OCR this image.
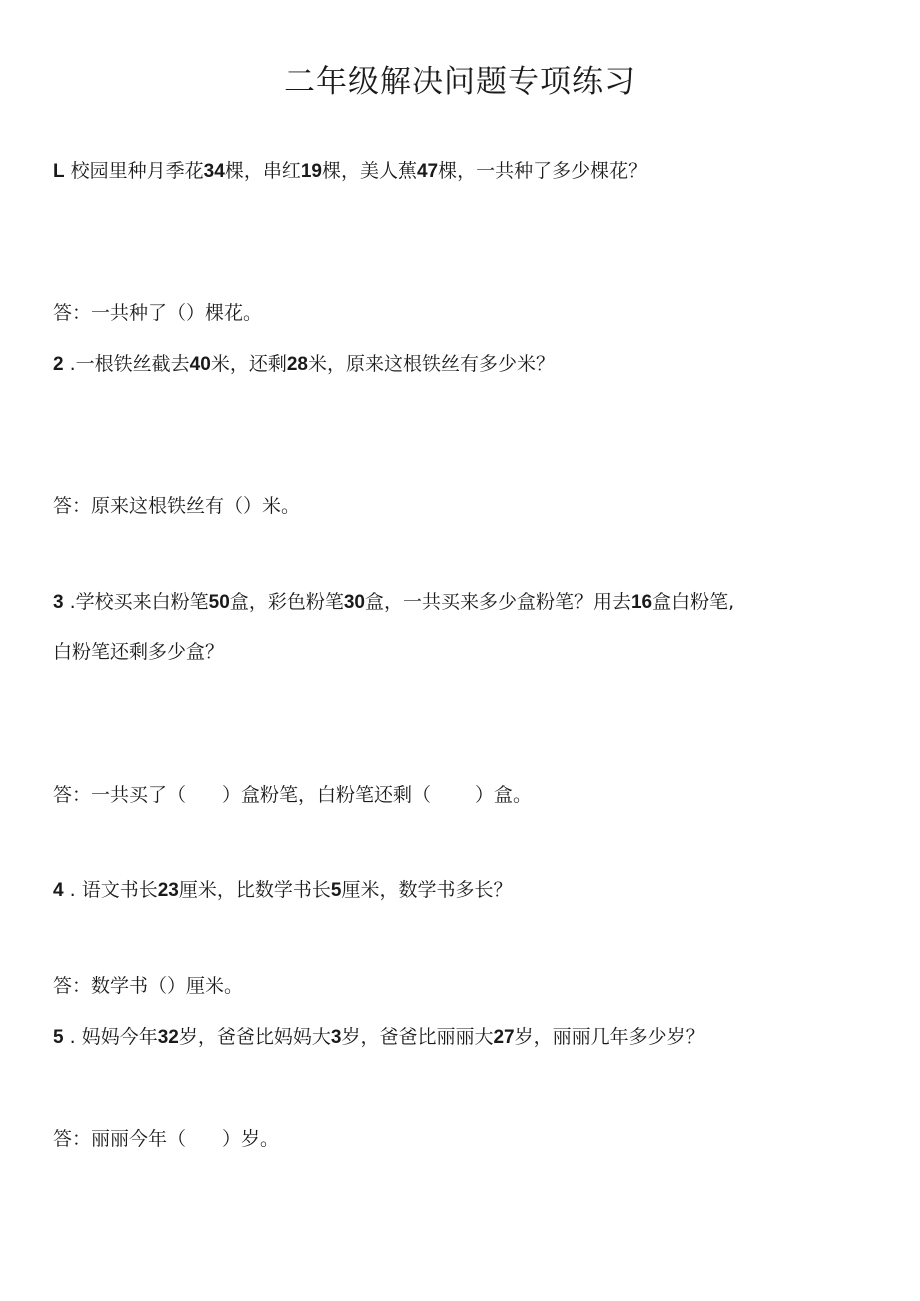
二年级解决问题专项练习
L 校园里种月季花34棵，串红19棵，美人蕉47棵，一共种了多少棵花？
答：一共种了（）棵花。
2 .一根铁丝截去40米，还剩28米，原来这根铁丝有多少米？
答：原来这根铁丝有（）米。
3 .学校买来白粉笔50盒，彩色粉笔30盒，一共买来多少盒粉笔？用去16盒白粉笔,
白粉笔还剩多少盒？
答：一共买了（ ）盒粉笔，白粉笔还剩（ ）盒。
4 . 语文书长23厘米，比数学书长5厘米，数学书多长？
答：数学书（）厘米。
5 . 妈妈今年32岁，爸爸比妈妈大3岁，爸爸比丽丽大27岁，丽丽几年多少岁？
答：丽丽今年（ ）岁。
